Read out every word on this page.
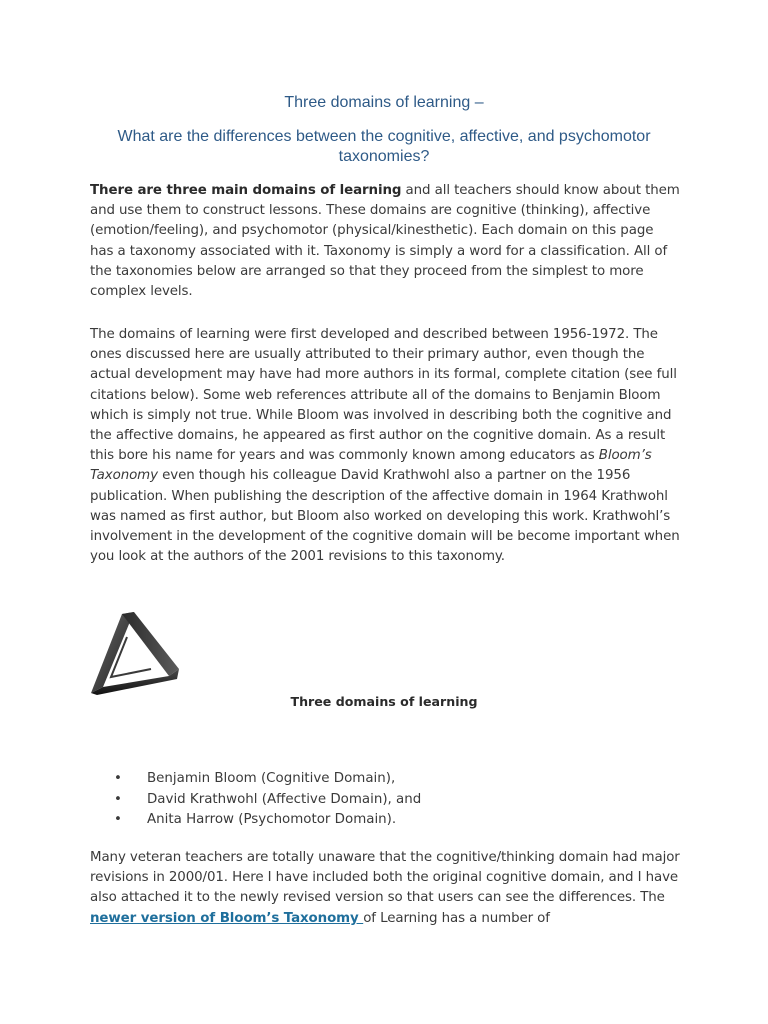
Three domains of learning –
What are the differences between the cognitive, affective, and psychomotor taxonomies?

There are three main domains of learning and all teachers should know about them and use them to construct lessons. These domains are cognitive (thinking), affective (emotion/feeling), and psychomotor (physical/kinesthetic). Each domain on this page has a taxonomy associated with it. Taxonomy is simply a word for a classification. All of the taxonomies below are arranged so that they proceed from the simplest to more complex levels.

The domains of learning were first developed and described between 1956-1972. The ones discussed here are usually attributed to their primary author, even though the actual development may have had more authors in its formal, complete citation (see full citations below). Some web references attribute all of the domains to Benjamin Bloom which is simply not true. While Bloom was involved in describing both the cognitive and the affective domains, he appeared as first author on the cognitive domain. As a result this bore his name for years and was commonly known among educators as Bloom’s Taxonomy even though his colleague David Krathwohl also a partner on the 1956 publication. When publishing the description of the affective domain in 1964 Krathwohl was named as first author, but Bloom also worked on developing this work. Krathwohl’s involvement in the development of the cognitive domain will be become important when you look at the authors of the 2001 revisions to this taxonomy.

Three domains of learning
• Benjamin Bloom (Cognitive Domain),
• David Krathwohl (Affective Domain), and
• Anita Harrow (Psychomotor Domain).

Many veteran teachers are totally unaware that the cognitive/thinking domain had major revisions in 2000/01. Here I have included both the original cognitive domain, and I have also attached it to the newly revised version so that users can see the differences. The newer version of Bloom’s Taxonomy of Learning has a number of
